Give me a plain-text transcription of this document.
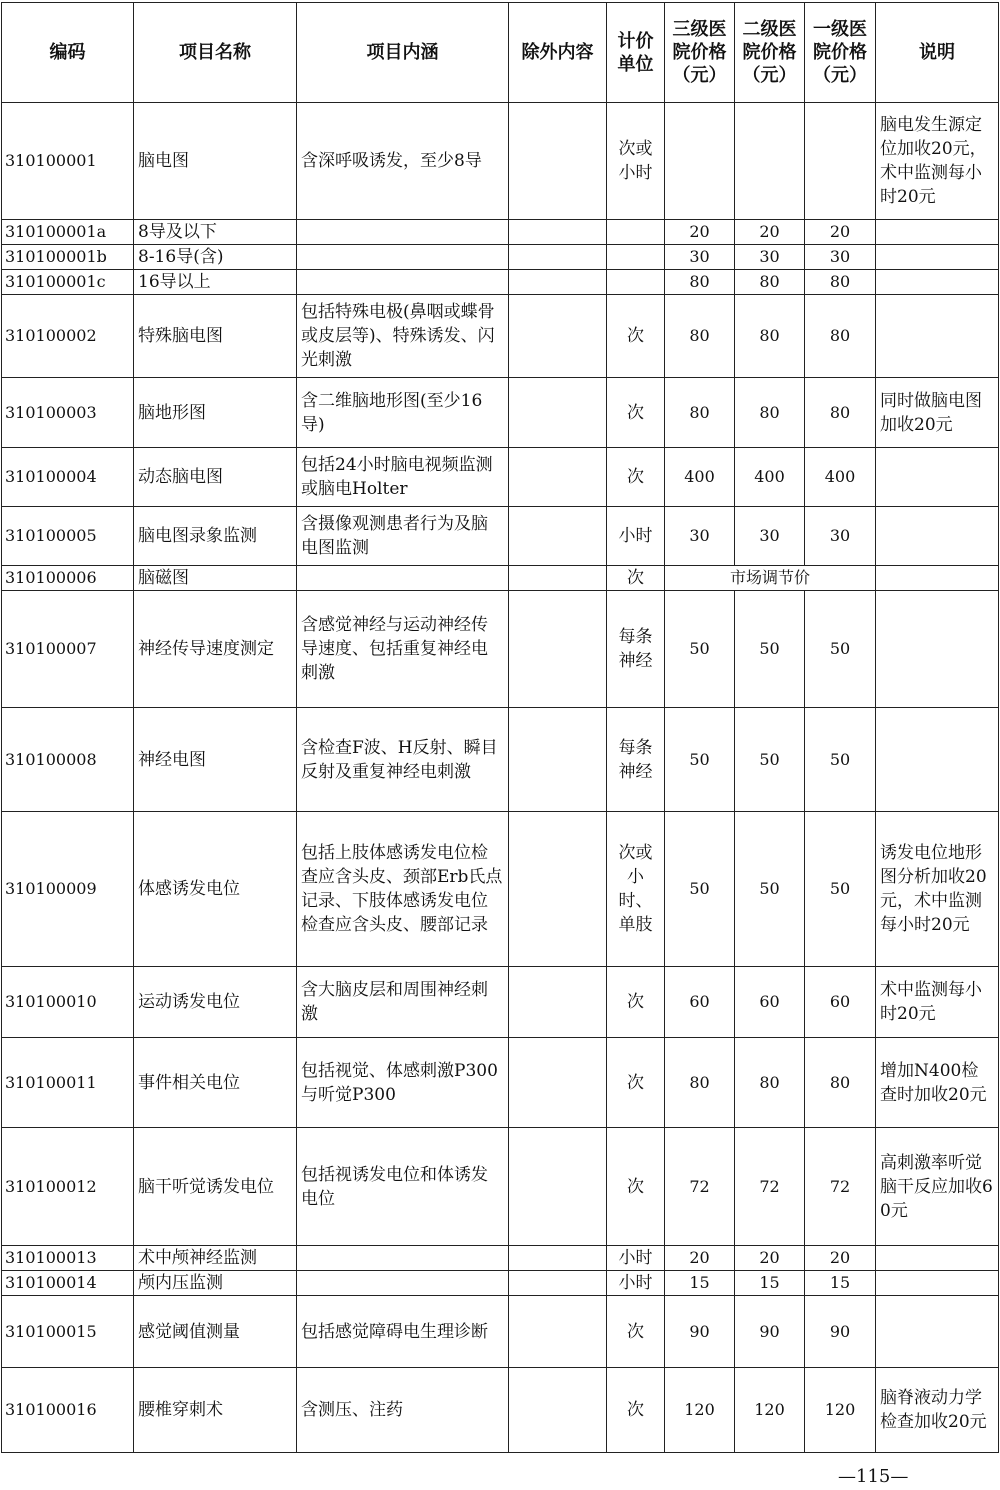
编码	项目名称	项目内涵	除外内容	计价单位	三级医院价格（元）	二级医院价格（元）	一级医院价格（元）	说明
310100001	脑电图	含深呼吸诱发，至少8导		次或小时				脑电发生源定位加收20元，术中监测每小时20元
310100001a	8导及以下				20	20	20	
310100001b	8-16导(含)				30	30	30	
310100001c	16导以上				80	80	80	
310100002	特殊脑电图	包括特殊电极(鼻咽或蝶骨或皮层等)、特殊诱发、闪光刺激		次	80	80	80	
310100003	脑地形图	含二维脑地形图(至少16导)		次	80	80	80	同时做脑电图加收20元
310100004	动态脑电图	包括24小时脑电视频监测或脑电Holter		次	400	400	400	
310100005	脑电图录象监测	含摄像观测患者行为及脑电图监测		小时	30	30	30	
310100006	脑磁图			次	市场调节价			
310100007	神经传导速度测定	含感觉神经与运动神经传导速度、包括重复神经电刺激		每条神经	50	50	50	
310100008	神经电图	含检查F波、H反射、瞬目反射及重复神经电刺激		每条神经	50	50	50	
310100009	体感诱发电位	包括上肢体感诱发电位检查应含头皮、颈部Erb氏点记录、下肢体感诱发电位检查应含头皮、腰部记录		次或小时、单肢	50	50	50	诱发电位地形图分析加收20元，术中监测每小时20元
310100010	运动诱发电位	含大脑皮层和周围神经刺激		次	60	60	60	术中监测每小时20元
310100011	事件相关电位	包括视觉、体感刺激P300与听觉P300		次	80	80	80	增加N400检查时加收20元
310100012	脑干听觉诱发电位	包括视诱发电位和体诱发电位		次	72	72	72	高刺激率听觉脑干反应加收60元
310100013	术中颅神经监测			小时	20	20	20	
310100014	颅内压监测			小时	15	15	15	
310100015	感觉阈值测量	包括感觉障碍电生理诊断		次	90	90	90	
310100016	腰椎穿刺术	含测压、注药		次	120	120	120	脑脊液动力学检查加收20元
—115—
